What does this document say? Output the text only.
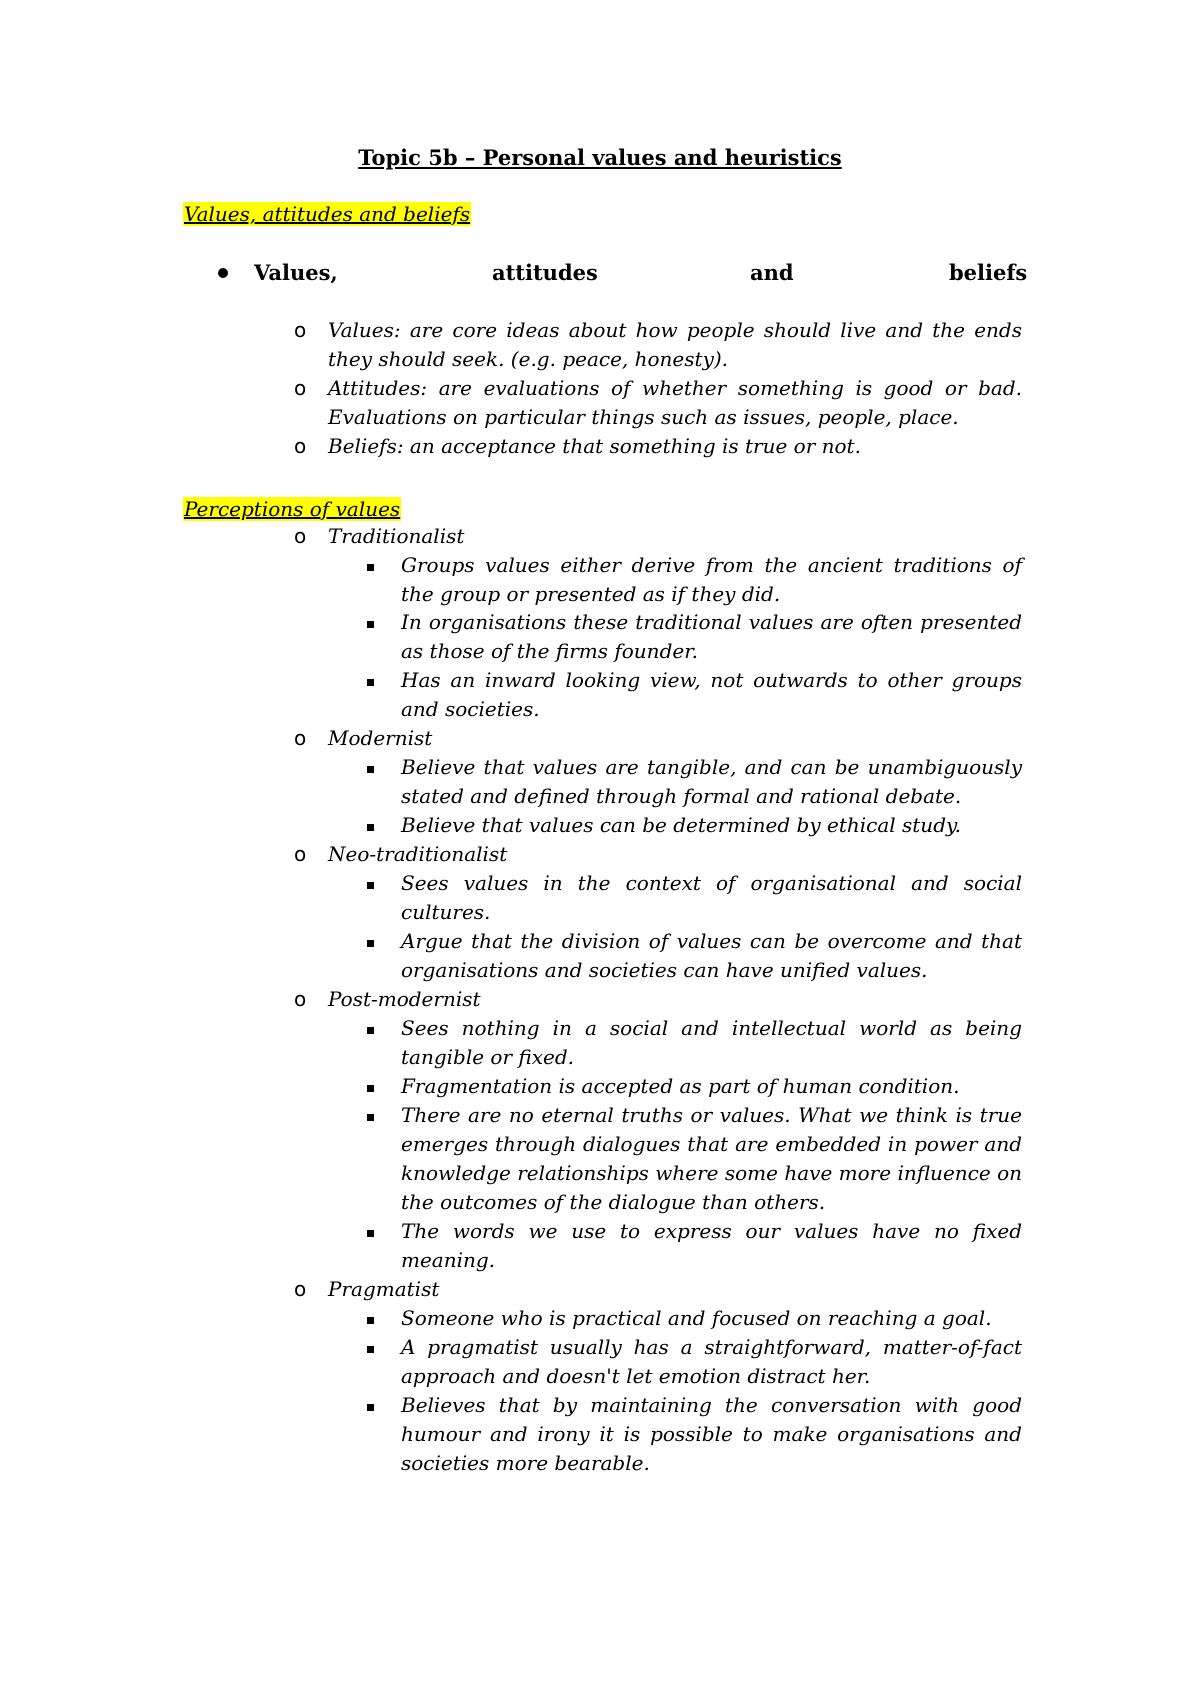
Topic 5b – Personal values and heuristics
Values, attitudes and beliefs
Values,	attitudes	and	beliefs
o Values: are core ideas about how people should live and the ends they should seek. (e.g. peace, honesty).
o Attitudes: are evaluations of whether something is good or bad. Evaluations on particular things such as issues, people, place.
o Beliefs: an acceptance that something is true or not.
Perceptions of values
o Traditionalist
Groups values either derive from the ancient traditions of the group or presented as if they did.
In organisations these traditional values are often presented as those of the firms founder.
Has an inward looking view, not outwards to other groups and societies.
o Modernist
Believe that values are tangible, and can be unambiguously stated and defined through formal and rational debate.
Believe that values can be determined by ethical study.
o Neo-traditionalist
Sees values in the context of organisational and social cultures.
Argue that the division of values can be overcome and that organisations and societies can have unified values.
o Post-modernist
Sees nothing in a social and intellectual world as being tangible or fixed.
Fragmentation is accepted as part of human condition.
There are no eternal truths or values. What we think is true emerges through dialogues that are embedded in power and knowledge relationships where some have more influence on the outcomes of the dialogue than others.
The words we use to express our values have no fixed meaning.
o Pragmatist
Someone who is practical and focused on reaching a goal.
A pragmatist usually has a straightforward, matter-of-fact approach and doesn't let emotion distract her.
Believes that by maintaining the conversation with good humour and irony it is possible to make organisations and societies more bearable.
